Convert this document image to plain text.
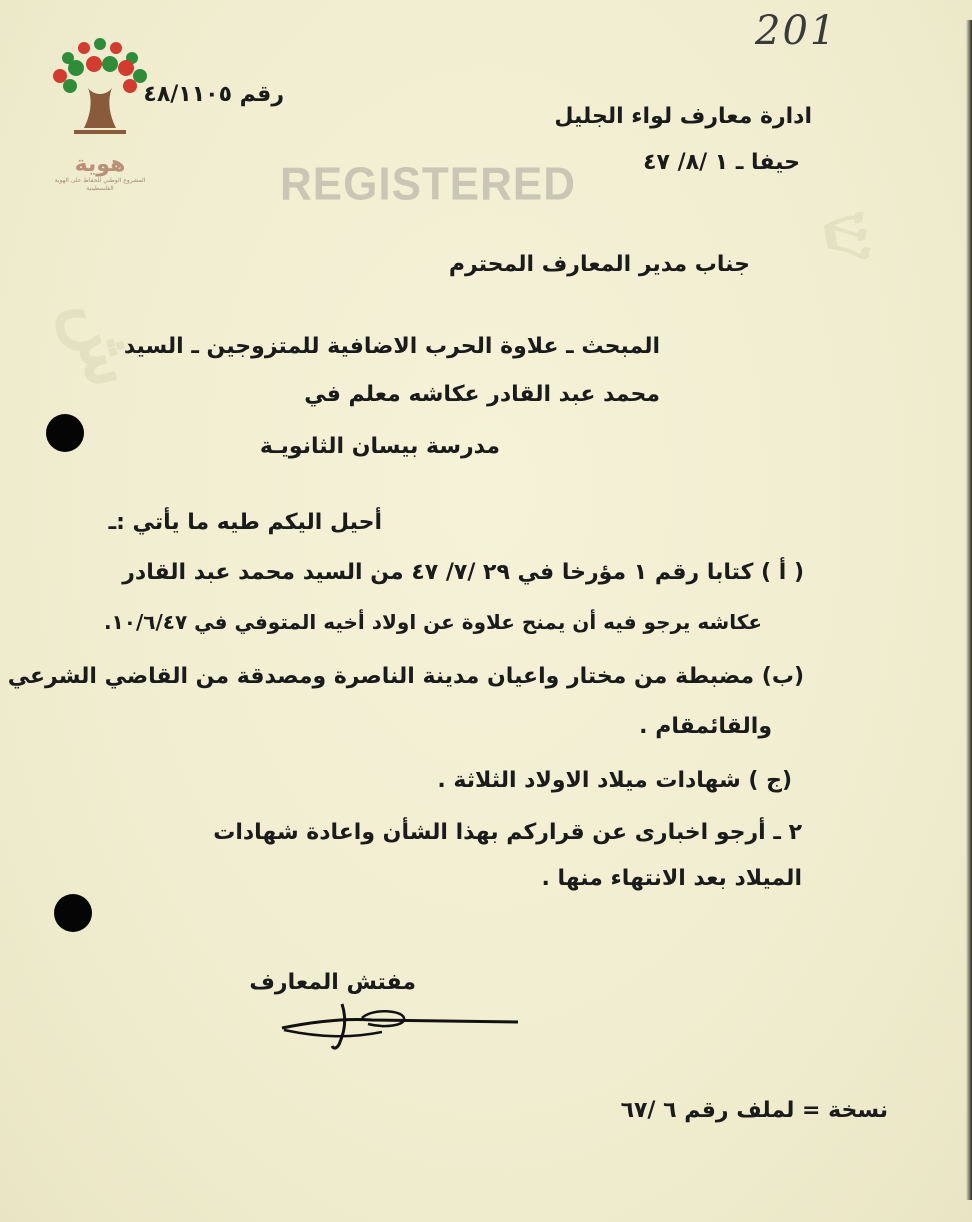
ش
ש
هوية
المشروع الوطني للحفاظ على الهوية الفلسطينية
201
رقم ٤٨/١١٠٥
ادارة معارف لواء الجليل
حيفا ـ ١ /٨/ ٤٧
REGISTERED
جناب مدير المعارف المحترم
المبحث ـ علاوة الحرب الاضافية للمتزوجين ـ السيد
محمد عبد القادر عكاشه معلم في
مدرسة بيسان الثانويـة
أحيل اليكم طيه ما يأتي :ـ
( أ ) كتابا رقم ١ مؤرخا في ٢٩ /٧/ ٤٧ من السيد محمد عبد القادر
عكاشه يرجو فيه أن يمنح علاوة عن اولاد أخيه المتوفي في ١٠/٦/٤٧.
(ب) مضبطة من مختار واعيان مدينة الناصرة ومصدقة من القاضي الشرعي
والقائمقام .
(ج ) شهادات ميلاد الاولاد الثلاثة .
٢ ـ أرجو اخبارى عن قراركم بهذا الشأن واعادة شهادات
الميلاد بعد الانتهاء منها .
مفتش المعارف
نسخة = لملف رقم ٦ /٦٧
